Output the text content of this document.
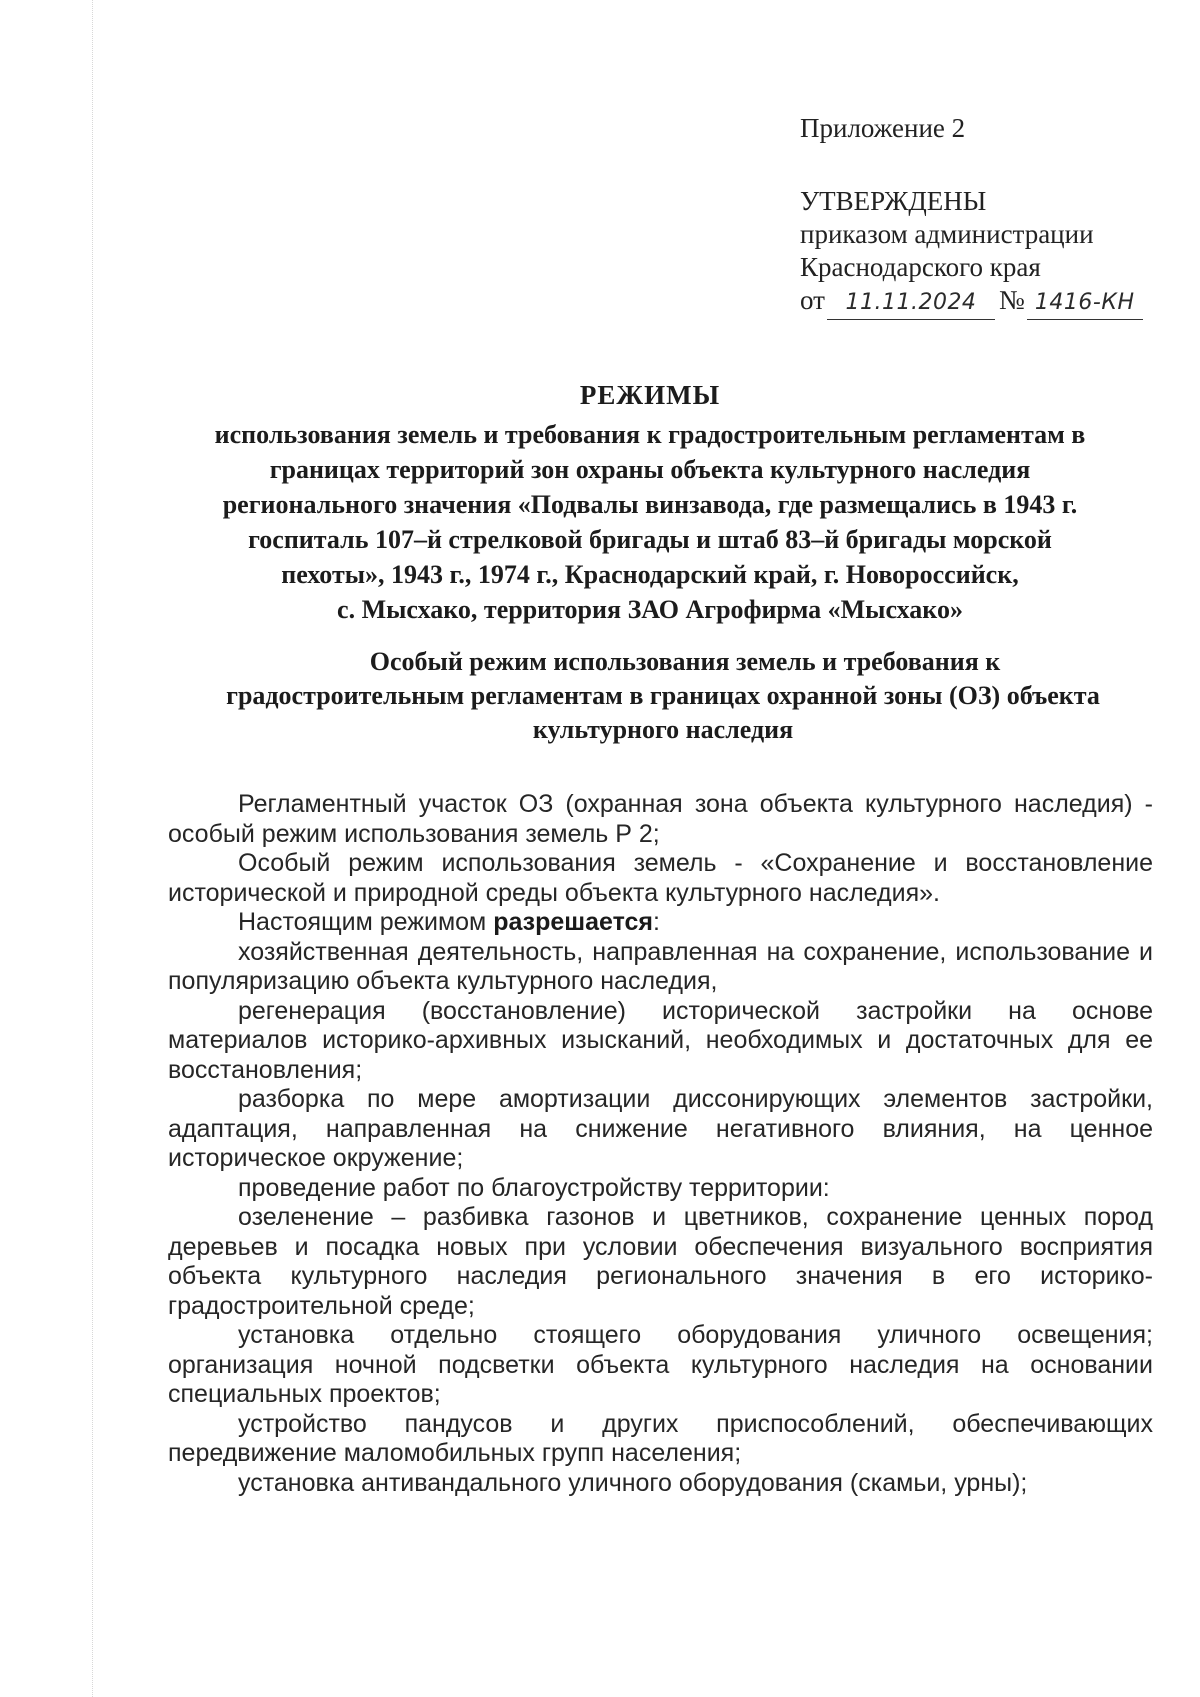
Приложение 2
УТВЕРЖДЕНЫ
приказом администрации
Краснодарского края
от 11.11.2024 № 1416-КН
РЕЖИМЫ
использования земель и требования к градостроительным регламентам в
границах территорий зон охраны объекта культурного наследия
регионального значения «Подвалы винзавода, где размещались в 1943 г.
госпиталь 107–й стрелковой бригады и штаб 83–й бригады морской
пехоты», 1943 г., 1974 г., Краснодарский край, г. Новороссийск,
с. Мысхако, территория ЗАО Агрофирма «Мысхако»
Особый режим использования земель и требования к
градостроительным регламентам в границах охранной зоны (ОЗ) объекта
культурного наследия

Регламентный участок ОЗ (охранная зона объекта культурного наследия) - особый режим использования земель Р 2;

Особый режим использования земель - «Сохранение и восстановление исторической и природной среды объекта культурного наследия».

Настоящим режимом разрешается:

хозяйственная деятельность, направленная на сохранение, использование и популяризацию объекта культурного наследия,

регенерация (восстановление) исторической застройки на основе материалов историко-архивных изысканий, необходимых и достаточных для ее восстановления;

разборка по мере амортизации диссонирующих элементов застройки, адаптация, направленная на снижение негативного влияния, на ценное историческое окружение;

проведение работ по благоустройству территории:

озеленение – разбивка газонов и цветников, сохранение ценных пород деревьев и посадка новых при условии обеспечения визуального восприятия объекта культурного наследия регионального значения в его историко-градостроительной среде;

установка отдельно стоящего оборудования уличного освещения; организация ночной подсветки объекта культурного наследия на основании специальных проектов;

устройство пандусов и других приспособлений, обеспечивающих передвижение маломобильных групп населения;

установка антивандального уличного оборудования (скамьи, урны);
